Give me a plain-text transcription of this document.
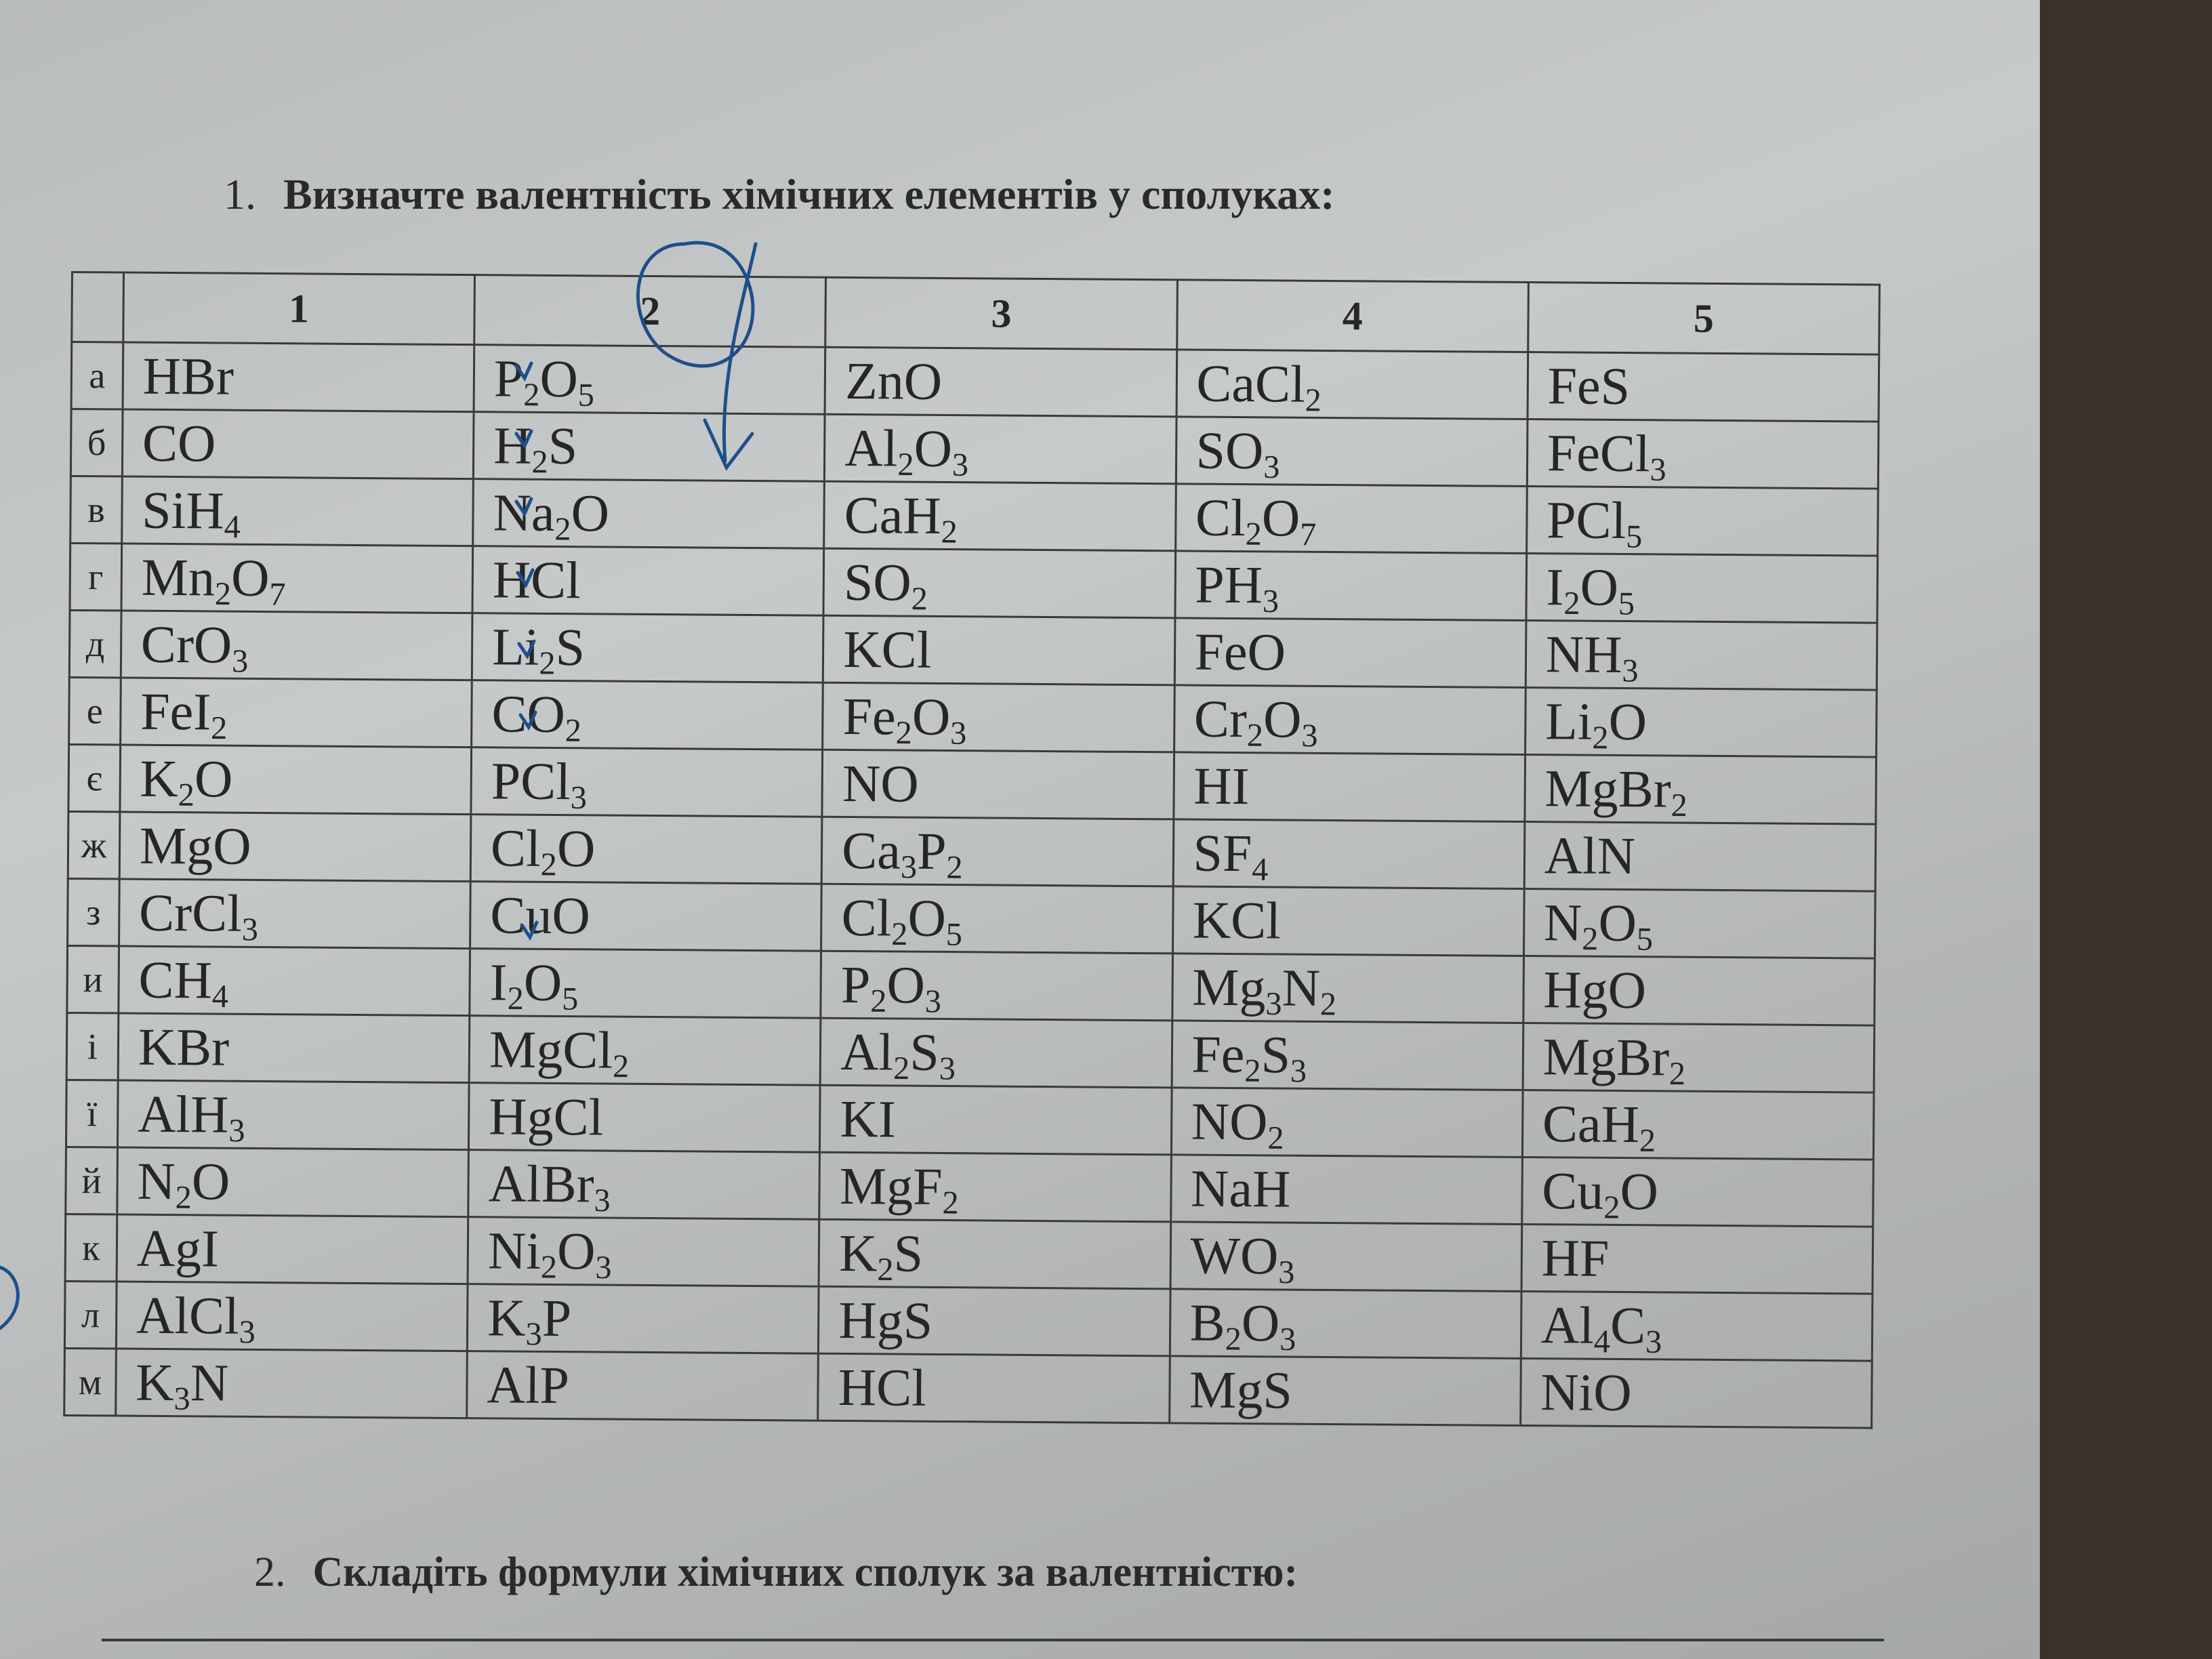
1. Визначте валентність хімічних елементів у сполуках:
	1	2	3	4	5
а	HBr	$P_2O_5$	ZnO	CaCl$_2$	FeS
б	CO	$H_2S$	$Al_2O_3$	$SO_3$	FeCl$_3$
в	SiH$_4$	$Na_2O$	CaH$_2$	$Cl_2O_7$	PCl$_5$
г	$Mn_2O_7$	HCl	$SO_2$	$PH_3$	$I_2O_5$
д	CrO$_3$	$Li_2S$	KCl	FeO	$NH_3$
е	FeI$_2$	$CO_2$	$Fe_2O_3$	$Cr_2O_3$	$Li_2O$
є	$K_2O$	PCl$_3$	NO	HI	MgBr$_2$
ж	MgO	$Cl_2O$	$Ca_3P_2$	$SF_4$	AlN
з	CrCl$_3$	CuO	$Cl_2O_5$	KCl	$N_2O_5$
и	$CH_4$	$I_2O_5$	$P_2O_3$	$Mg_3N_2$	HgO
і	KBr	MgCl$_2$	$Al_2S_3$	$Fe_2S_3$	MgBr$_2$
ї	AlH$_3$	HgCl	KI	$NO_2$	CaH$_2$
й	$N_2O$	AlBr$_3$	MgF$_2$	NaH	$Cu_2O$
к	AgI	$Ni_2O_3$	$K_2S$	$WO_3$	HF
л	AlCl$_3$	$K_3P$	HgS	$B_2O_3$	$Al_4C_3$
м	$K_3N$	AlP	HCl	MgS	NiO
2. Складіть формули хімічних сполук за валентністю:
